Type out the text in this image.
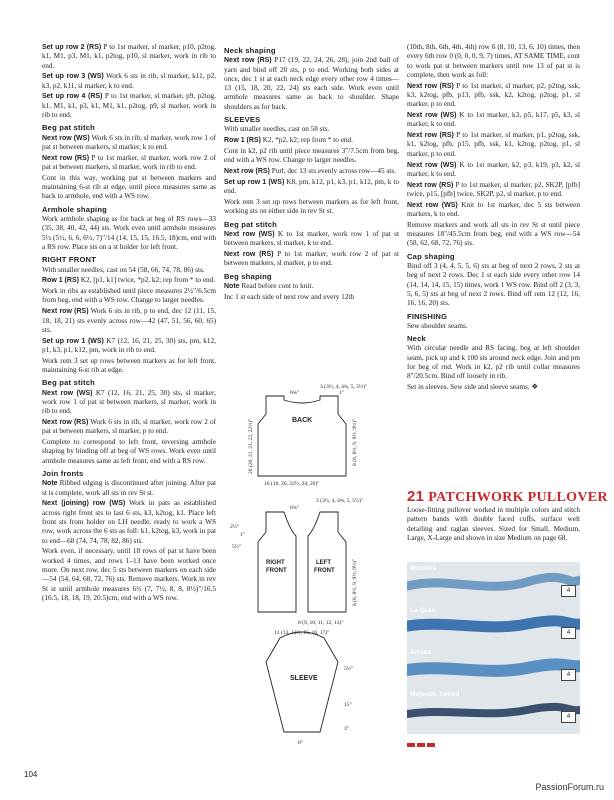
Set up row 2 (RS) P to 1st marker, sl marker, p10, p2tog, k1, M1, p3, M1, k1, p2tog, p10, sl marker, work in rib to end.

Set up row 3 (WS) Work 6 sts in rib, sl marker, k11, p2, k3, p2, k11, sl marker, k to end.

Set up row 4 (RS) P to 1st marker, sl marker, p9, p2tog, k1, M1, k1, p3, k1, M1, k1, p2tog, p9, sl marker, work in rib to end.

Beg pat stitch

Next row (WS) Work 6 sts in rib, sl marker, work row 1 of pat st between markers, sl marker, k to end.

Next row (RS) P to 1st marker, sl marker, work row 2 of pat st between markers, sl marker, work in rib to end.

Cont in this way, working pat st between markers and maintaining 6-st rib at edge, until piece measures same as back to armhole, end with a WS row.

Armhole shaping

Work armhole shaping as for back at beg of RS rows—33 (35, 38, 40, 42, 44) sts. Work even until armhole measures 5½ (5½, 6, 6, 6½, 7)"/14 (14, 15, 15, 16.5, 18)cm, end with a RS row. Place sts on a st holder for left front.

RIGHT FRONT

With smaller needles, cast on 54 (58, 66, 74, 78, 86) sts.

Row 1 (RS) K2, [p1, k1] twice, *p2, k2; rep from * to end.

Work in ribs as established until piece measures 2½"/6.5cm from beg, end with a WS row. Change to larger needles.

Next row (RS) Work 6 sts in rib, p to end, dec 12 (11, 15, 18, 18, 21) sts evenly across row—42 (47, 51, 56, 60, 65) sts.

Set up row 1 (WS) K7 (12, 16, 21, 25, 30) sts, pm, k12, p1, k3, p1, k12, pm, work in rib to end.

Work rem 3 set up rows between markers as for left front, maintaining 6-st rib at edge.

Beg pat stitch

Next row (WS) K7 (12, 16, 21, 25, 30) sts, sl marker, work row 1 of pat st between markers, sl marker, work in rib to end.

Next row (RS) Work 6 sts in rib, sl marker, work row 2 of pat st between markers, sl marker, p to end.

Complete to correspond to left front, reversing armhole shaping by binding off at beg of WS rows. Work even until armhole measures same as left front, end with a RS row.

Join fronts

Note Ribbed edging is discontinued after joining. After pat st is complete, work all sts in rev St st.

Next (joining) row (WS) Work in pats as established across right front sts to last 6 sts, k3, k2tog, k1. Place left front sts from holder on LH needle, ready to work a WS row, work across the 6 sts as foll: k1, k2tog, k3, work in pat to end—68 (74, 74, 78, 82, 86) sts.

Work even, if necessary, until 18 rows of pat st have been worked 4 times, and rows 1–13 have been worked once more. On next row, dec 5 sts between markers on each side—54 (54, 64, 68, 72, 76) sts. Remove markers. Work in rev St st until armhole measures 6½ (7, 7½, 8, 8, 8½)"/16.5 (16.5, 18, 18, 19, 20.5)cm, end with a WS row.

Neck shaping

Next row (RS) P17 (19, 22, 24, 26, 28), join 2nd ball of yarn and bind off 20 sts, p to end. Working both sides at once, dec 1 st at each neck edge every other row 4 times—13 (15, 18, 20, 22, 24) sts each side. Work even until armhole measures same as back to shoulder. Shape shoulders as for back.

SLEEVES

With smaller needles, cast on 58 sts.

Row 1 (RS) K2, *p2, k2; rep from * to end.

Cont in k2, p2 rib until piece measures 3"/7.5cm from beg, end with a WS row. Change to larger needles.

Next row (RS) Purl, dec 13 sts evenly across row—45 sts.

Set up row 1 (WS) K8, pm, k12, p1, k3, p1, k12, pm, k to end.

Work rem 3 set up rows between markers as for left front, working sts on either side in rev St st.

Beg pat stitch

Next row (WS) K to 1st marker, work row 1 of pat st between markers, sl marker, k to end.

Next row (RS) P to 1st marker, work row 2 of pat st between markers, sl marker, p to end.

Beg shaping

Note Read before cont to knit.

Inc 1 st each side of next row and every 12th

(10th, 8th, 6th, 4th, 4th) row 6 (8, 10, 13, 6, 10) times, then every 6th row 0 (0, 0, 0, 9, 7) times, AT SAME TIME, cont to work pat st between markers until row 13 of pat st is complete, then work as foll:

Next row (RS) P to 1st marker, sl marker, p2, p2tog, ssk, k3, k2tog, pfb, p13, pfb, ssk, k2, k2tog, p2tog, p1, sl marker, p to end.

Next row (WS) K to 1st marker, k3, p5, k17, p5, k3, sl marker, k to end.

Next row (RS) P to 1st marker, sl marker, p1, p2tog, ssk, k1, k2tog, pfb, p15, pfb, ssk, k1, k2tog, p2tog, p1, sl marker, p to end.

Next row (WS) K to 1st marker, k2, p3, k19, p3, k2, sl marker, k to end.

Next row (RS) P to 1st marker, sl marker, p2, SK2P, [pfb] twice, p15, [pfb] twice, SK2P, p2, sl marker, p to end.

Next row (WS) Knit to 1st marker, dec 5 sts between markers, k to end.

Remove markers and work all sts in rev St st until piece measures 18"/45.5cm from beg, end with a WS row—54 (58, 62, 68, 72, 76) sts.

Cap shaping

Bind off 3 (4, 4, 5, 5, 6) sts at beg of next 2 rows, 2 sts at beg of next 2 rows. Dec 1 st each side every other row 14 (14, 14, 14, 15, 15) times, work 1 WS row. Bind off 2 (3, 3, 5, 6, 5) sts at beg of next 2 rows. Bind off rem 12 (12, 16, 16, 16, 20) sts.

FINISHING

Sew shoulder seams.

Neck

With circular needle and RS facing, beg at left shoulder seam, pick up and k 100 sts around neck edge. Join and pm for beg of rnd. Work in k2, p2 rib until collar measures 8"/20.5cm. Bind off loosely in rib.

Set in sleeves. Sew side and sleeve seams. ❖

BACK
3 (3½, 4, 4¾, 5, 5½)"
6¾"	1"
16 (18, 20, 22½, 24, 26)"
20 (20, 21, 21, 22, 22½)"	8 (8, 8½, 9, 9½, 9½)"
RIGHT
FRONT
LEFT
FRONT
3 (3½, 4, 4¾, 5, 5½)"
6¾"
2½"
1"
5½"
8 (8, 8½, 9, 9½, 9½)"
8 (9, 10, 11, 12, 13)"
SLEEVE
12 (13, 13½, 15, 16, 17)"
5½"
15"
3"
8"
21 PATCHWORK PULLOVER
Loose-fitting pullover worked in multiple colors and stitch pattern bands with double faced cuffs, surface welt detailing and raglan sleeves. Sized for Small, Medium, Large, X-Large and shown in size Medium on page 68.
Montera
4
La Gran
4
Ariosa
4
Majestic Tweed
4
104
PassionForum.ru
